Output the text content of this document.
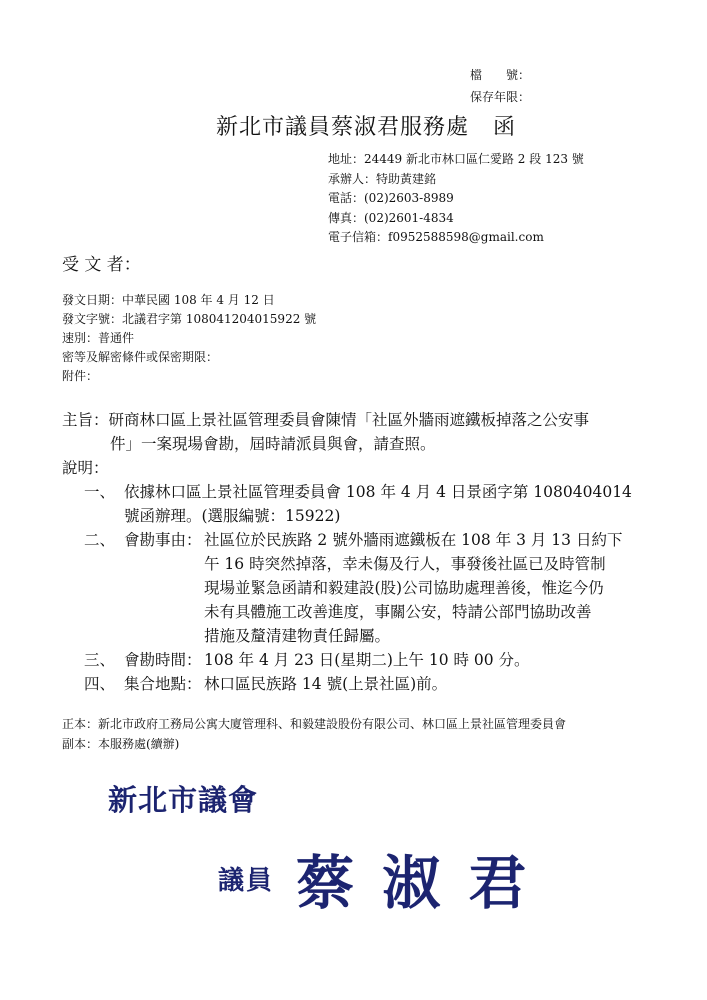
檔　　號：
保存年限：
新北市議員蔡淑君服務處 函
地址：24449 新北市林口區仁愛路 2 段 123 號
承辦人：特助黃建銘
電話：(02)2603-8989
傳真：(02)2601-4834
電子信箱：f0952588598@gmail.com
受 文 者：
發文日期：中華民國 108 年 4 月 12 日
發文字號：北議君字第 108041204015922 號
速別：普通件
密等及解密條件或保密期限：
附件：
主旨：研商林口區上景社區管理委員會陳情「社區外牆雨遮鐵板掉落之公安事
件」一案現場會勘，屆時請派員與會，請查照。
說明：
一、 依據林口區上景社區管理委員會 108 年 4 月 4 日景函字第 1080404014
號函辦理。(選服編號：15922)
二、 會勘事由： 社區位於民族路 2 號外牆雨遮鐵板在 108 年 3 月 13 日約下
午 16 時突然掉落，幸未傷及行人，事發後社區已及時管制
現場並緊急函請和毅建設(股)公司協助處理善後，惟迄今仍
未有具體施工改善進度，事關公安，特請公部門協助改善
措施及釐清建物責任歸屬。
三、 會勘時間： 108 年 4 月 23 日(星期二)上午 10 時 00 分。
四、 集合地點： 林口區民族路 14 號(上景社區)前。
正本：新北市政府工務局公寓大廈管理科、和毅建設股份有限公司、林口區上景社區管理委員會
副本：本服務處(續辦)
新北市議會
議員 蔡 淑 君
